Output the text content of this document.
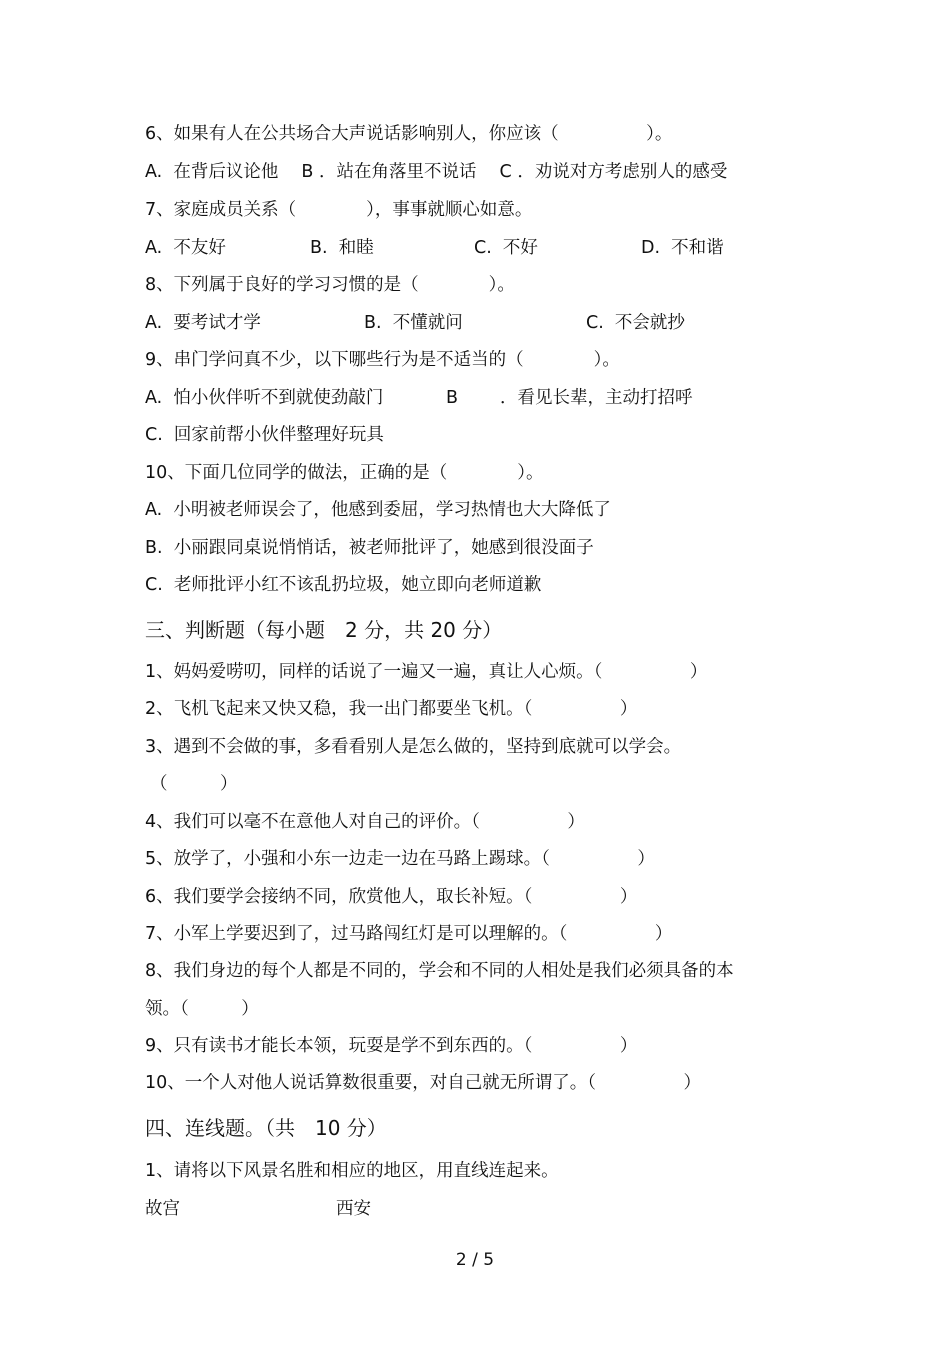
6、如果有人在公共场合大声说话影响别人，你应该（　　　　　）。
A.  在背后议论他　 B ．站在角落里不说话　 C ．劝说对方考虑别人的感受
7、家庭成员关系（　　　　），事事就顺心如意。
A.  不友好	B.  和睦	C.  不好	D.  不和谐
8、下列属于良好的学习习惯的是（　　　　）。
A.  要考试才学	B.  不懂就问	C.  不会就抄
9、串门学问真不少，以下哪些行为是不适当的（　　　　）。
A.  怕小伙伴听不到就使劲敲门	B ．看见长辈，主动打招呼
C.  回家前帮小伙伴整理好玩具
10、下面几位同学的做法，正确的是（　　　　）。
A.  小明被老师误会了，他感到委屈，学习热情也大大降低了
B.  小丽跟同桌说悄悄话，被老师批评了，她感到很没面子
C.  老师批评小红不该乱扔垃圾，她立即向老师道歉
三、判断题（每小题　2 分，共 20 分）
1、妈妈爱唠叨，同样的话说了一遍又一遍，真让人心烦。（　　　　　）
2、飞机飞起来又快又稳，我一出门都要坐飞机。（　　　　　）
3、遇到不会做的事，多看看别人是怎么做的，坚持到底就可以学会。
（　　　）
4、我们可以毫不在意他人对自己的评价。（　　　　　）
5、放学了，小强和小东一边走一边在马路上踢球。（　　　　　）
6、我们要学会接纳不同，欣赏他人，取长补短。（　　　　　）
7、小军上学要迟到了，过马路闯红灯是可以理解的。（　　　　　）
8、我们身边的每个人都是不同的，学会和不同的人相处是我们必须具备的本
领。（　　　）
9、只有读书才能长本领，玩耍是学不到东西的。（　　　　　）
10、一个人对他人说话算数很重要，对自己就无所谓了。（　　　　　）
四、连线题。（共　10 分）
1、请将以下风景名胜和相应的地区，用直线连起来。
故宫	西安
2 / 5
